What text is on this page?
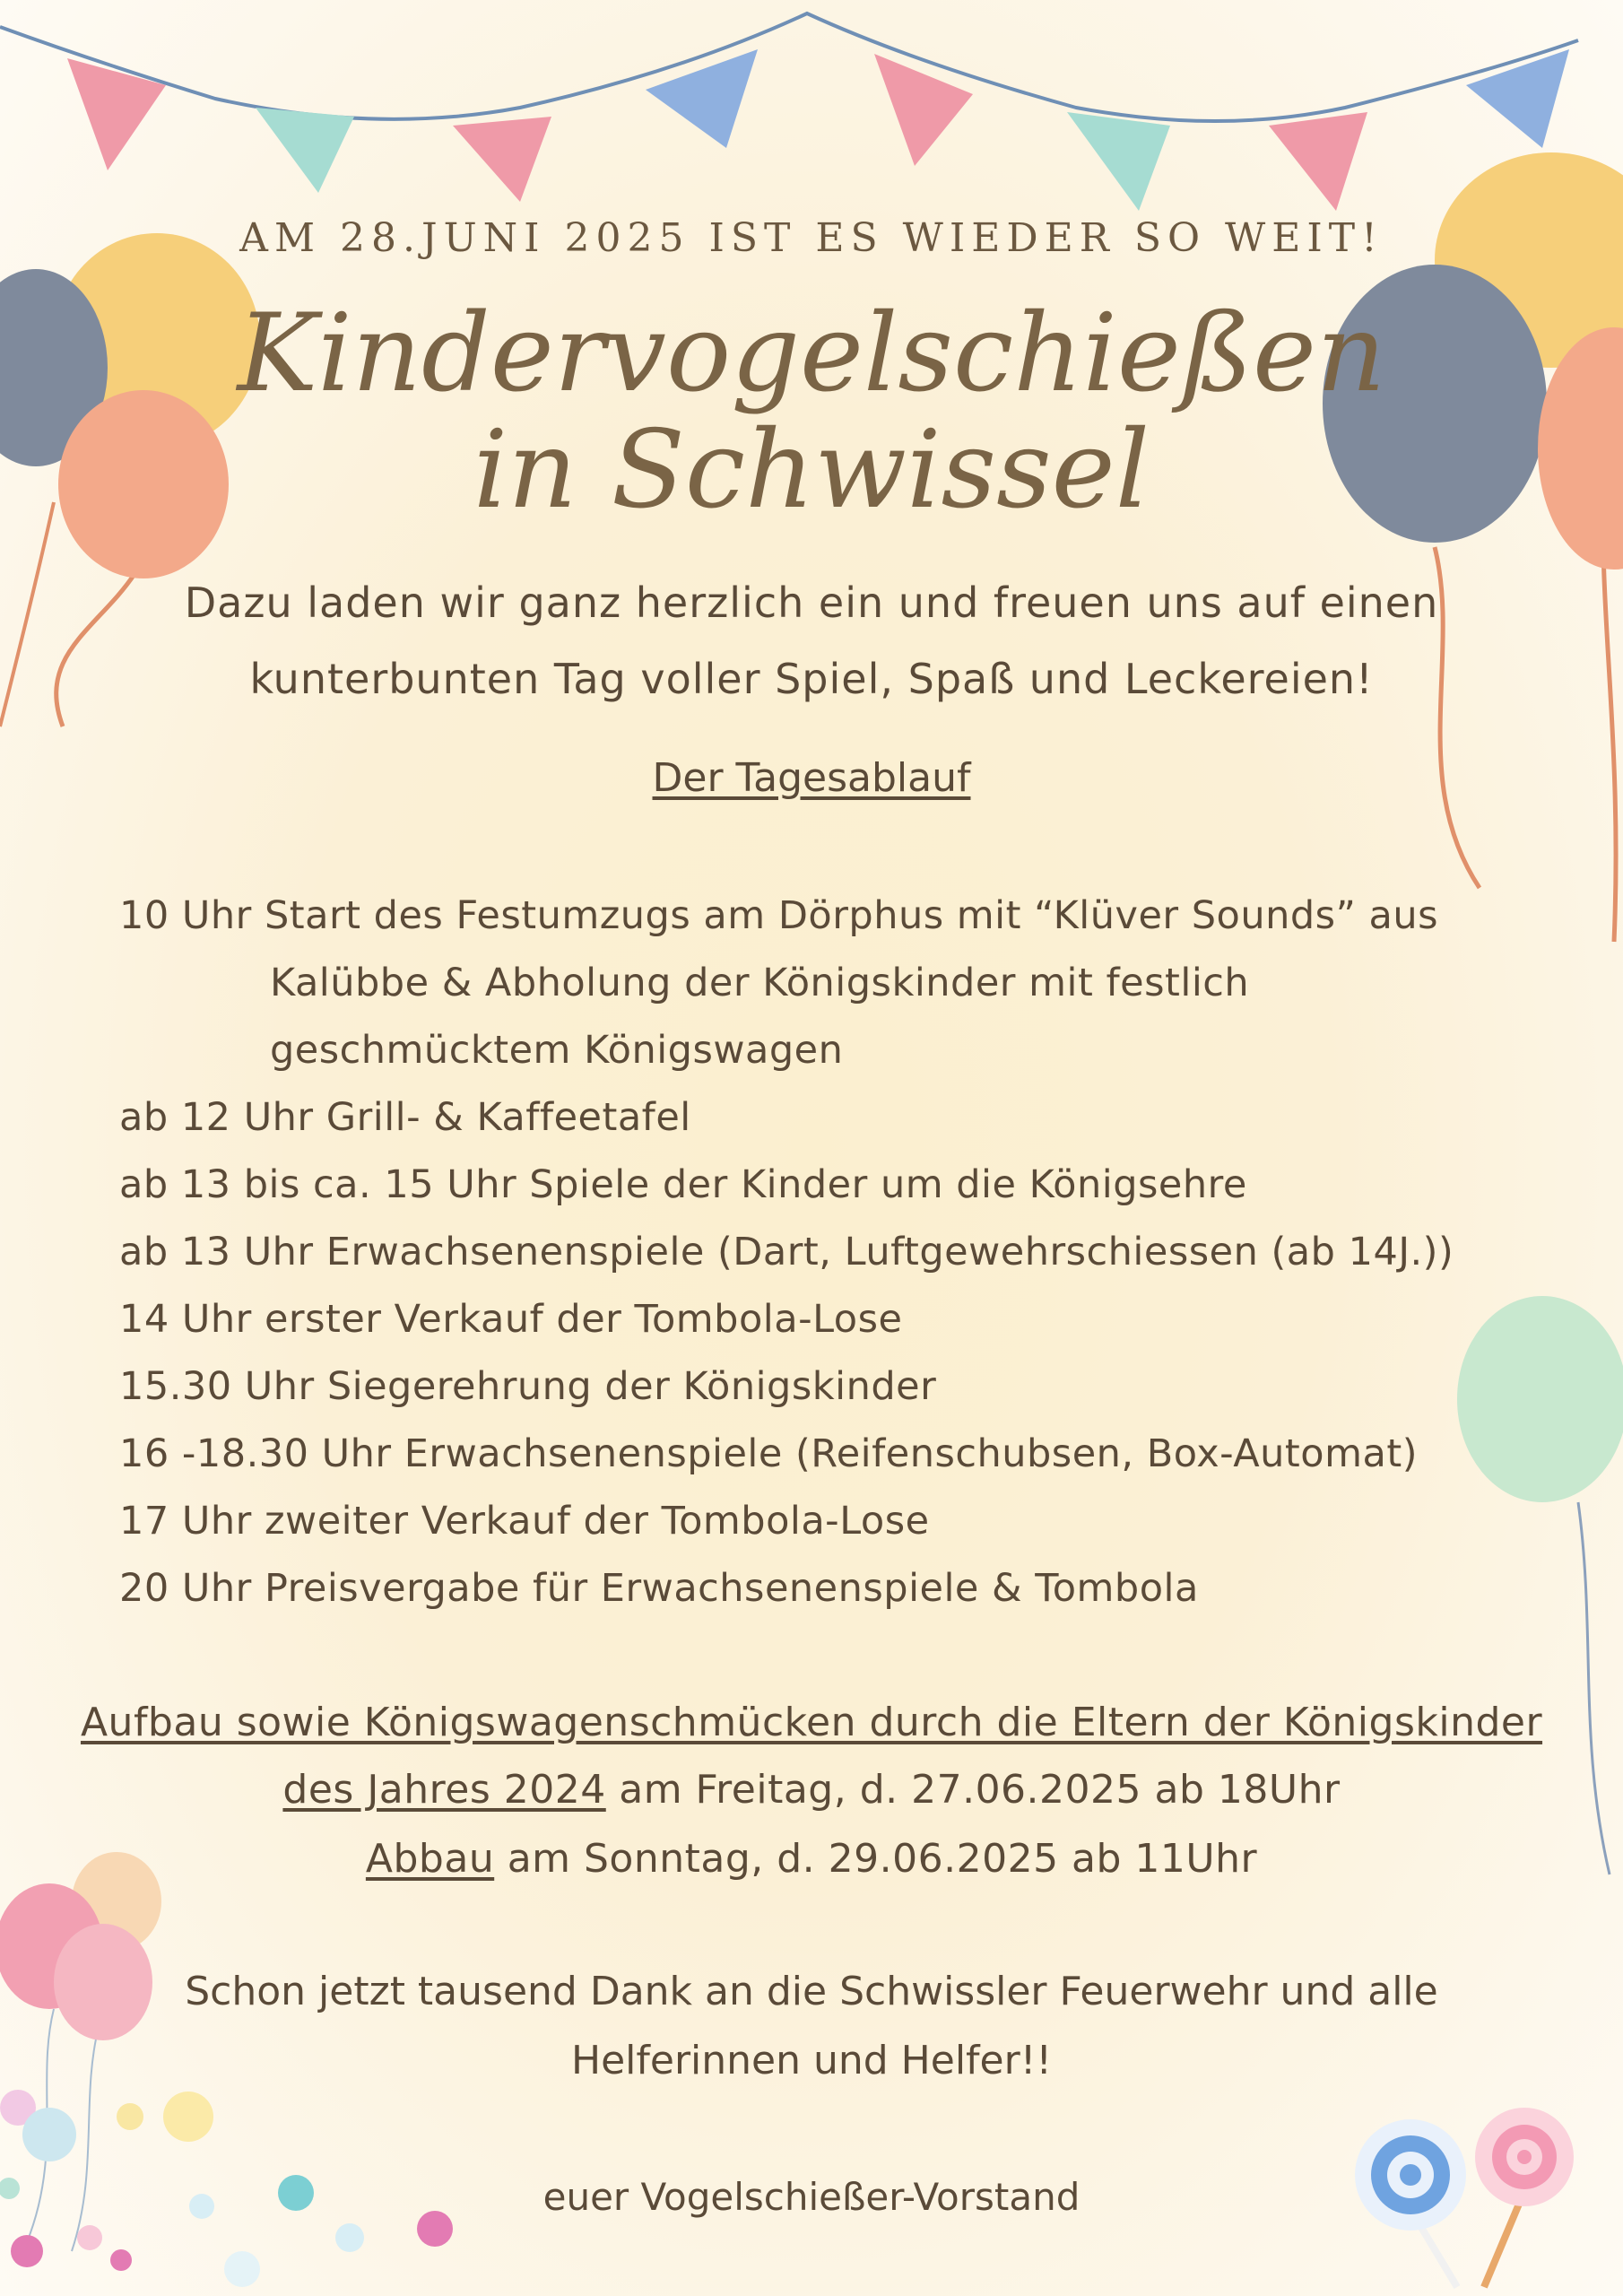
AM 28.JUNI 2025 IST ES WIEDER SO WEIT!
Kindervogelschießen
in Schwissel
Dazu laden wir ganz herzlich ein und freuen uns auf einen
kunterbunten Tag voller Spiel, Spaß und Leckereien!
Der Tagesablauf
10 Uhr Start des Festumzugs am Dörphus mit “Klüver Sounds” aus
Kalübbe & Abholung der Königskinder mit festlich
geschmücktem Königswagen
ab 12 Uhr Grill- & Kaffeetafel
ab 13 bis ca. 15 Uhr Spiele der Kinder um die Königsehre
ab 13 Uhr Erwachsenenspiele (Dart, Luftgewehrschiessen (ab 14J.))
14 Uhr erster Verkauf der Tombola-Lose
15.30 Uhr Siegerehrung der Königskinder
16 -18.30 Uhr Erwachsenenspiele (Reifenschubsen, Box-Automat)
17 Uhr zweiter Verkauf der Tombola-Lose
20 Uhr Preisvergabe für Erwachsenenspiele & Tombola
Aufbau sowie Königswagenschmücken durch die Eltern der Königskinder
des Jahres 2024 am Freitag, d. 27.06.2025 ab 18Uhr
Abbau am Sonntag, d. 29.06.2025 ab 11Uhr
Schon jetzt tausend Dank an die Schwissler Feuerwehr und alle
Helferinnen und Helfer!!
euer Vogelschießer-Vorstand
